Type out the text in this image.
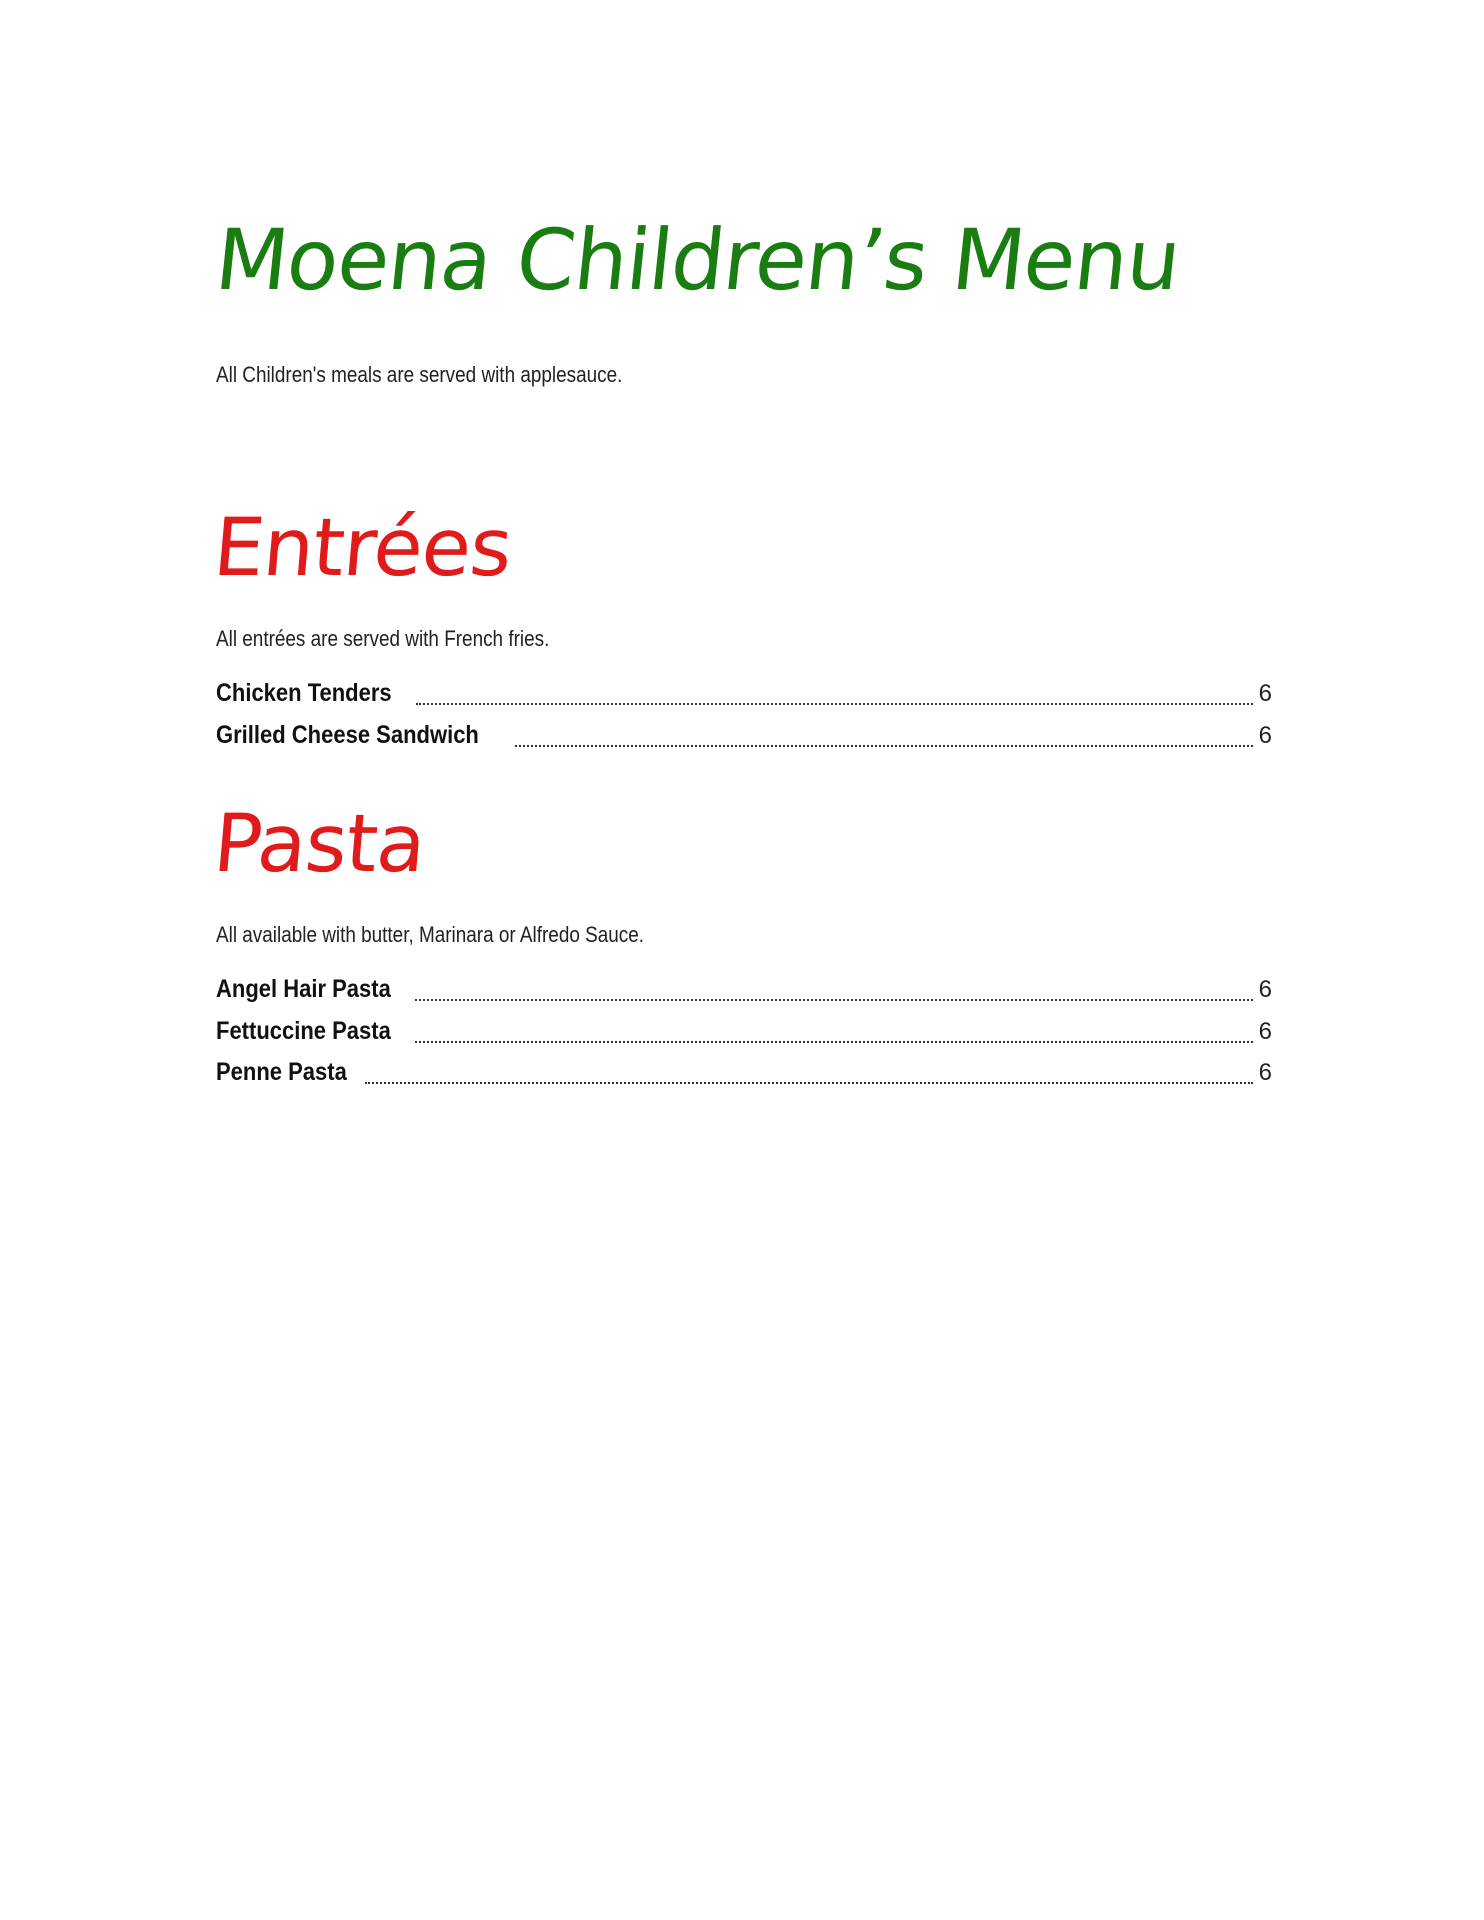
Moena Children’s Menu

All Children's meals are served with applesauce.

Entrées

All entrées are served with French fries.

Chicken Tenders	6
Grilled Cheese Sandwich	6
Pasta

All available with butter, Marinara or Alfredo Sauce.

Angel Hair Pasta	6
Fettuccine Pasta	6
Penne Pasta	6
